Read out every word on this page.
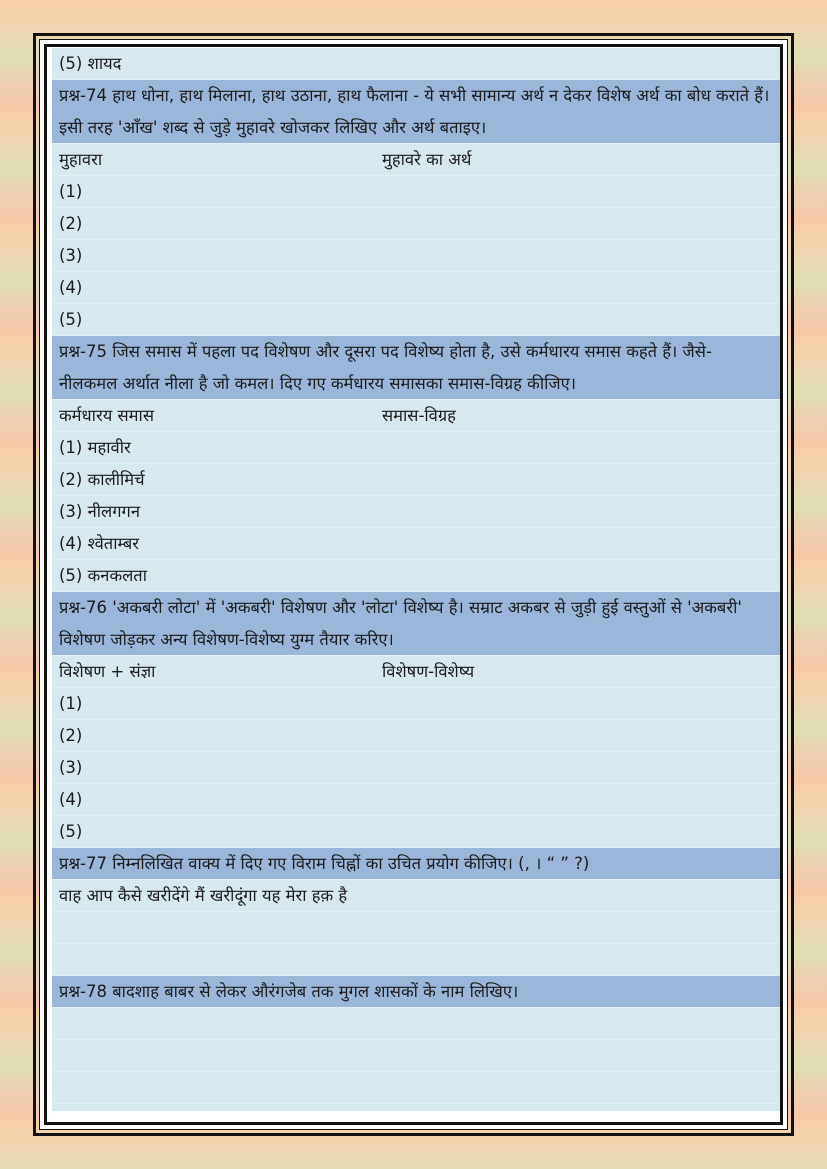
(5) शायद
प्रश्न-74 हाथ धोना, हाथ मिलाना, हाथ उठाना, हाथ फैलाना - ये सभी सामान्य अर्थ न देकर विशेष अर्थ का बोध कराते हैं। इसी तरह 'आँख' शब्द से जुड़े मुहावरे खोजकर लिखिए और अर्थ बताइए।
मुहावरा	मुहावरे का अर्थ
(1)
(2)
(3)
(4)
(5)
प्रश्न-75 जिस समास में पहला पद विशेषण और दूसरा पद विशेष्य होता है, उसे कर्मधारय समास कहते हैं। जैसे- नीलकमल अर्थात नीला है जो कमल। दिए गए कर्मधारय समासका समास-विग्रह कीजिए।
कर्मधारय समास	समास-विग्रह
(1) महावीर
(2) कालीमिर्च
(3) नीलगगन
(4) श्वेताम्बर
(5) कनकलता
प्रश्न-76 'अकबरी लोटा' में 'अकबरी' विशेषण और 'लोटा' विशेष्य है। सम्राट अकबर से जुड़ी हुई वस्तुओं से 'अकबरी' विशेषण जोड़कर अन्य विशेषण-विशेष्य युग्म तैयार करिए।
विशेषण + संज्ञा	विशेषण-विशेष्य
(1)
(2)
(3)
(4)
(5)
प्रश्न-77 निम्नलिखित वाक्य में दिए गए विराम चिह्नों का उचित प्रयोग कीजिए। (, । “ ” ?)
वाह आप कैसे खरीदेंगे मैं खरीदूंगा यह मेरा हक़ है
प्रश्न-78 बादशाह बाबर से लेकर औरंगजेब तक मुगल शासकों के नाम लिखिए।
